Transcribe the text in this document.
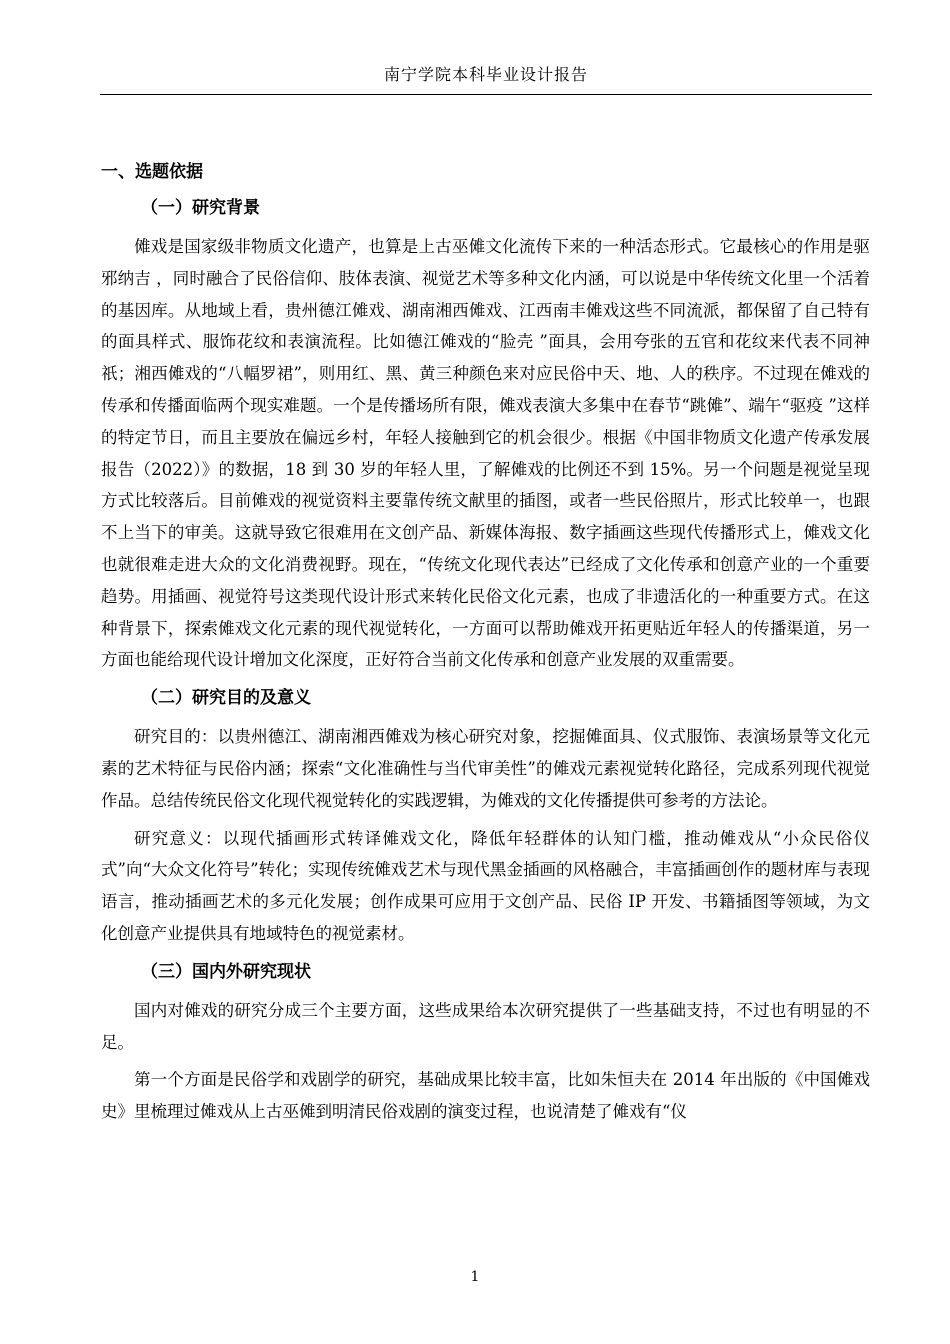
南宁学院本科毕业设计报告
一、选题依据
（一）研究背景

傩戏是国家级非物质文化遗产，也算是上古巫傩文化流传下来的一种活态形式。它最核心的作用是驱邪纳吉 ，同时融合了民俗信仰、肢体表演、视觉艺术等多种文化内涵，可以说是中华传统文化里一个活着的基因库。从地域上看，贵州德江傩戏、湖南湘西傩戏、江西南丰傩戏这些不同流派，都保留了自己特有的面具样式、服饰花纹和表演流程。比如德江傩戏的“脸壳 ”面具，会用夸张的五官和花纹来代表不同神祇；湘西傩戏的“八幅罗裙”，则用红、黑、黄三种颜色来对应民俗中天、地、人的秩序。不过现在傩戏的传承和传播面临两个现实难题。一个是传播场所有限，傩戏表演大多集中在春节“跳傩”、端午“驱疫 ”这样的特定节日，而且主要放在偏远乡村，年轻人接触到它的机会很少。根据《中国非物质文化遗产传承发展报告（2022）》的数据，18 到 30 岁的年轻人里，了解傩戏的比例还不到 15%。另一个问题是视觉呈现方式比较落后。目前傩戏的视觉资料主要靠传统文献里的插图，或者一些民俗照片，形式比较单一，也跟不上当下的审美。这就导致它很难用在文创产品、新媒体海报、数字插画这些现代传播形式上，傩戏文化也就很难走进大众的文化消费视野。现在，“传统文化现代表达”已经成了文化传承和创意产业的一个重要趋势。用插画、视觉符号这类现代设计形式来转化民俗文化元素，也成了非遗活化的一种重要方式。在这种背景下，探索傩戏文化元素的现代视觉转化，一方面可以帮助傩戏开拓更贴近年轻人的传播渠道，另一方面也能给现代设计增加文化深度，正好符合当前文化传承和创意产业发展的双重需要。

（二）研究目的及意义

研究目的：以贵州德江、湖南湘西傩戏为核心研究对象，挖掘傩面具、仪式服饰、表演场景等文化元素的艺术特征与民俗内涵；探索“文化准确性与当代审美性”的傩戏元素视觉转化路径，完成系列现代视觉作品。总结传统民俗文化现代视觉转化的实践逻辑，为傩戏的文化传播提供可参考的方法论。

研究意义：以现代插画形式转译傩戏文化，降低年轻群体的认知门槛，推动傩戏从“小众民俗仪式”向“大众文化符号”转化；实现传统傩戏艺术与现代黑金插画的风格融合，丰富插画创作的题材库与表现语言，推动插画艺术的多元化发展；创作成果可应用于文创产品、民俗 IP 开发、书籍插图等领域，为文化创意产业提供具有地域特色的视觉素材。

（三）国内外研究现状

国内对傩戏的研究分成三个主要方面，这些成果给本次研究提供了一些基础支持，不过也有明显的不足。

第一个方面是民俗学和戏剧学的研究，基础成果比较丰富，比如朱恒夫在 2014 年出版的《中国傩戏史》里梳理过傩戏从上古巫傩到明清民俗戏剧的演变过程，也说清楚了傩戏有“仪

1
